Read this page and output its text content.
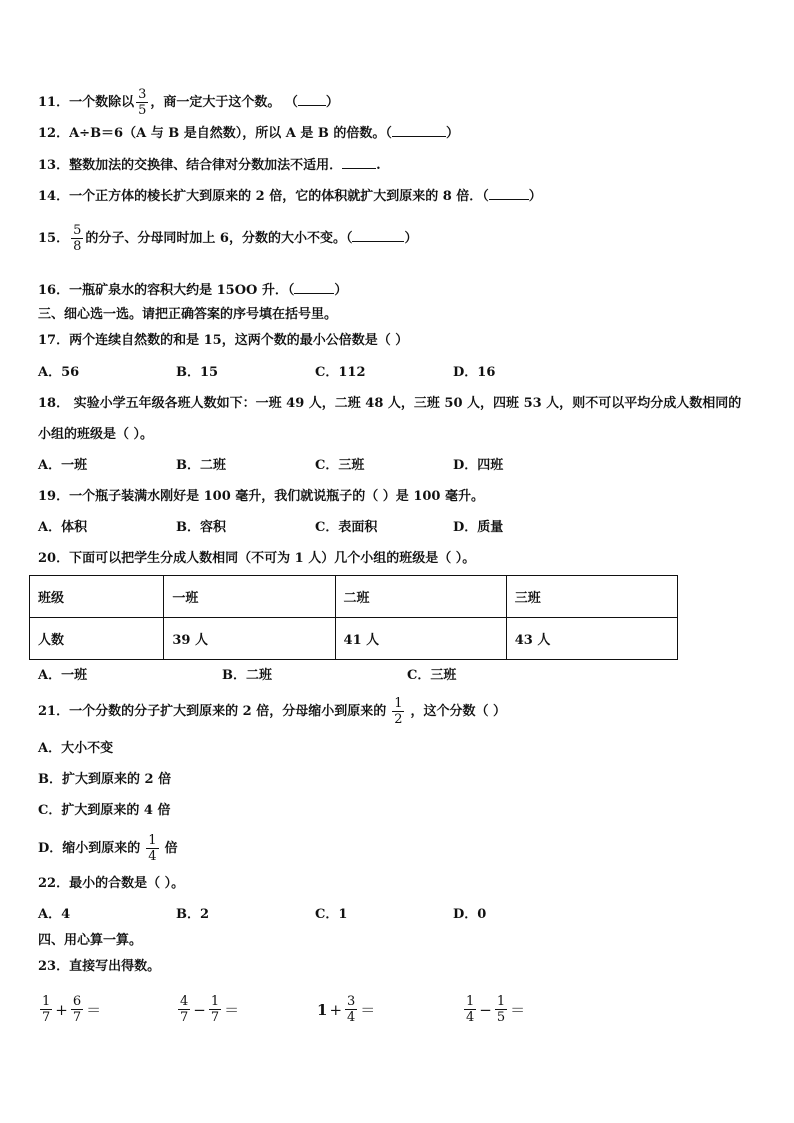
11．一个数除以 $\frac{3}{5}$ ，商一定大于这个数。 （ ）
12．A÷B＝6（A 与 B 是自然数），所以 A 是 B 的倍数。（	）
13．整数加法的交换律、结合律对分数加法不适用．	.
14．一个正方体的棱长扩大到原来的 2 倍，它的体积就扩大到原来的 8 倍．（	）
15． $\frac{5}{8}$ 的分子、分母同时加上 6，分数的大小不变。（	）
16．一瓶矿泉水的容积大约是 15OO 升．（	）
三、细心选一选。请把正确答案的序号填在括号里。
17．两个连续自然数的和是 15，这两个数的最小公倍数是（ ）
A．56	B．15	C．112	D．16
18． 实验小学五年级各班人数如下：一班 49 人，二班 48 人，三班 50 人，四班 53 人，则不可以平均分成人数相同的
小组的班级是（ ）。
A．一班	B．二班	C．三班	D．四班
19．一个瓶子装满水刚好是 100 毫升，我们就说瓶子的（ ）是 100 毫升。
A．体积	B．容积	C．表面积	D．质量
20．下面可以把学生分成人数相同（不可为 1 人）几个小组的班级是（ ）。
班级	一班	二班	三班
人数	39 人	41 人	43 人
A．一班	B．二班	C．三班
21．一个分数的分子扩大到原来的 2 倍，分母缩小到原来的 $\frac{1}{2}$ ，这个分数（ ）
A．大小不变
B．扩大到原来的 2 倍
C．扩大到原来的 4 倍
D．缩小到原来的 $\frac{1}{4}$ 倍
22．最小的合数是（ ）。
A．4	B．2	C．1	D．0
四、用心算一算。
23．直接写出得数。
$\frac{1}{7} + \frac{6}{7}$ ＝	$\frac{4}{7} - \frac{1}{7}$ ＝	$1 + \frac{3}{4}$ ＝	$\frac{1}{4} - \frac{1}{5}$ ＝
